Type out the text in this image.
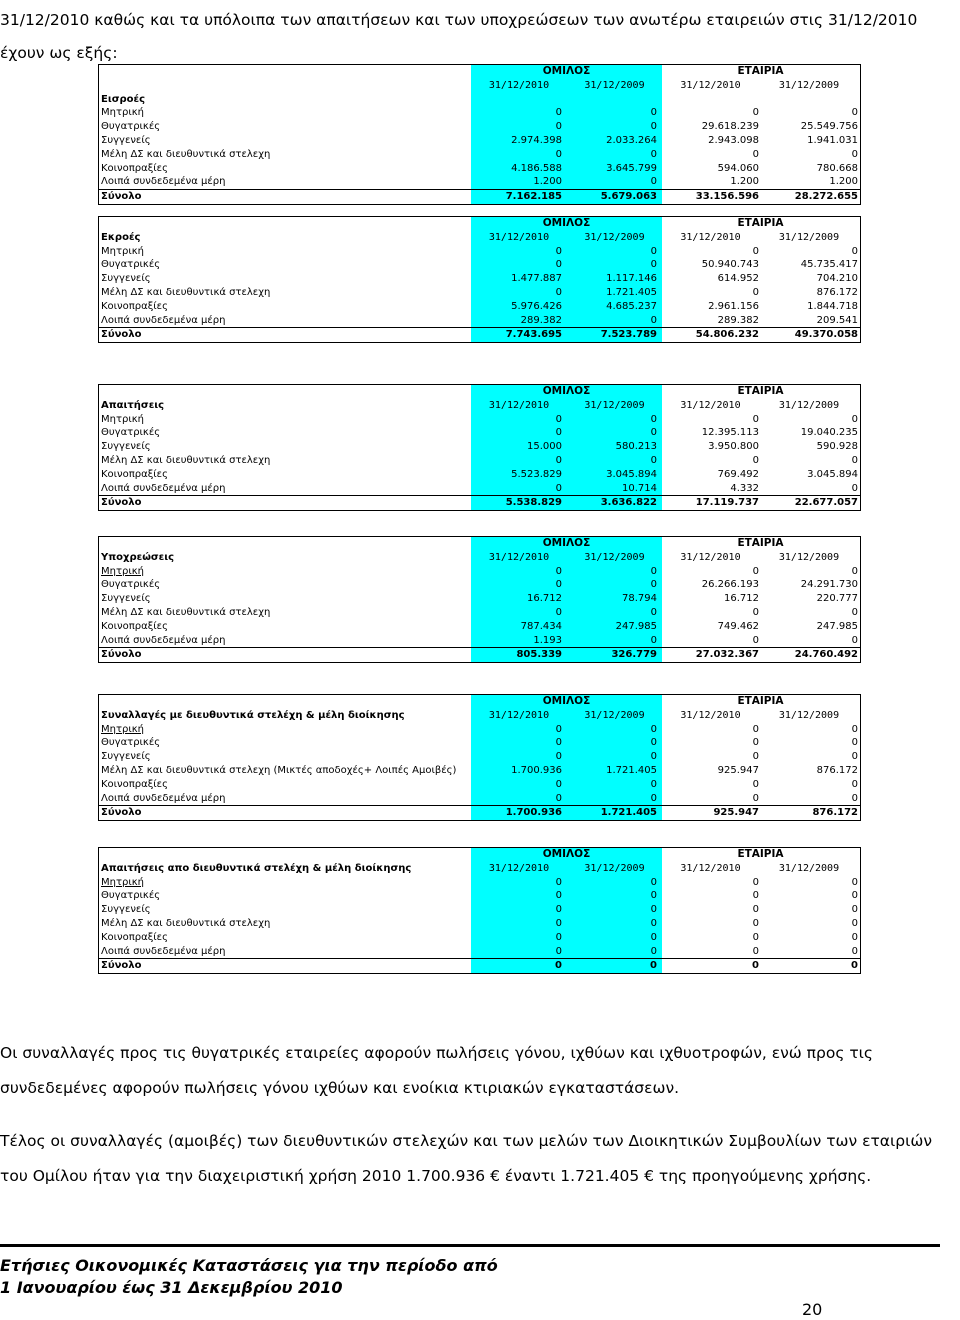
31/12/2010 καθώς και τα υπόλοιπα των απαιτήσεων και των υποχρεώσεων των ανωτέρω εταιρειών στις 31/12/2010
έχουν ως εξής:
ΟΜΙΛΟΣ	ΕΤΑΙΡΙΑ
31/12/2010	31/12/2009	31/12/2010	31/12/2009
Εισροές
Μητρική	0	0	0	0
Θυγατρικές	0	0	29.618.239	25.549.756
Συγγενείς	2.974.398	2.033.264	2.943.098	1.941.031
Μέλη ΔΣ και διευθυντικά στελεχη	0	0	0	0
Κοινοπραξίες	4.186.588	3.645.799	594.060	780.668
Λοιπά συνδεδεμένα μέρη	1.200	0	1.200	1.200
Σύνολο	7.162.185	5.679.063	33.156.596	28.272.655
ΟΜΙΛΟΣ	ΕΤΑΙΡΙΑ
Εκροές	31/12/2010	31/12/2009	31/12/2010	31/12/2009
Μητρική	0	0	0	0
Θυγατρικές	0	0	50.940.743	45.735.417
Συγγενείς	1.477.887	1.117.146	614.952	704.210
Μέλη ΔΣ και διευθυντικά στελεχη	0	1.721.405	0	876.172
Κοινοπραξίες	5.976.426	4.685.237	2.961.156	1.844.718
Λοιπά συνδεδεμένα μέρη	289.382	0	289.382	209.541
Σύνολο	7.743.695	7.523.789	54.806.232	49.370.058
ΟΜΙΛΟΣ	ΕΤΑΙΡΙΑ
Απαιτήσεις	31/12/2010	31/12/2009	31/12/2010	31/12/2009
Μητρική	0	0	0	0
Θυγατρικές	0	0	12.395.113	19.040.235
Συγγενείς	15.000	580.213	3.950.800	590.928
Μέλη ΔΣ και διευθυντικά στελεχη	0	0	0	0
Κοινοπραξίες	5.523.829	3.045.894	769.492	3.045.894
Λοιπά συνδεδεμένα μέρη	0	10.714	4.332	0
Σύνολο	5.538.829	3.636.822	17.119.737	22.677.057
ΟΜΙΛΟΣ	ΕΤΑΙΡΙΑ
Υποχρεώσεις	31/12/2010	31/12/2009	31/12/2010	31/12/2009
Μητρική	0	0	0	0
Θυγατρικές	0	0	26.266.193	24.291.730
Συγγενείς	16.712	78.794	16.712	220.777
Μέλη ΔΣ και διευθυντικά στελεχη	0	0	0	0
Κοινοπραξίες	787.434	247.985	749.462	247.985
Λοιπά συνδεδεμένα μέρη	1.193	0	0	0
Σύνολο	805.339	326.779	27.032.367	24.760.492
ΟΜΙΛΟΣ	ΕΤΑΙΡΙΑ
Συναλλαγές με διευθυντικά στελέχη & μέλη διοίκησης	31/12/2010	31/12/2009	31/12/2010	31/12/2009
Μητρική	0	0	0	0
Θυγατρικές	0	0	0	0
Συγγενείς	0	0	0	0
Μέλη ΔΣ και διευθυντικά στελεχη (Μικτές αποδοχές+ Λοιπές Αμοιβές)	1.700.936	1.721.405	925.947	876.172
Κοινοπραξίες	0	0	0	0
Λοιπά συνδεδεμένα μέρη	0	0	0	0
Σύνολο	1.700.936	1.721.405	925.947	876.172
ΟΜΙΛΟΣ	ΕΤΑΙΡΙΑ
Απαιτήσεις απο διευθυντικά στελέχη & μέλη διοίκησης	31/12/2010	31/12/2009	31/12/2010	31/12/2009
Μητρική	0	0	0	0
Θυγατρικές	0	0	0	0
Συγγενείς	0	0	0	0
Μέλη ΔΣ και διευθυντικά στελεχη	0	0	0	0
Κοινοπραξίες	0	0	0	0
Λοιπά συνδεδεμένα μέρη	0	0	0	0
Σύνολο	0	0	0	0
Οι συναλλαγές προς τις θυγατρικές εταιρείες αφορούν πωλήσεις γόνου, ιχθύων και ιχθυοτροφών, ενώ προς τις συνδεδεμένες αφορούν πωλήσεις γόνου ιχθύων και ενοίκια κτιριακών εγκαταστάσεων.
Τέλος οι συναλλαγές (αμοιβές) των διευθυντικών στελεχών και των μελών των Διοικητικών Συμβουλίων των εταιριών του Ομίλου ήταν για την διαχειριστική χρήση 2010 1.700.936 € έναντι 1.721.405 € της προηγούμενης χρήσης.
Ετήσιες Οικονομικές Καταστάσεις για την περίοδο από
1 Ιανουαρίου έως 31 Δεκεμβρίου 2010
20
